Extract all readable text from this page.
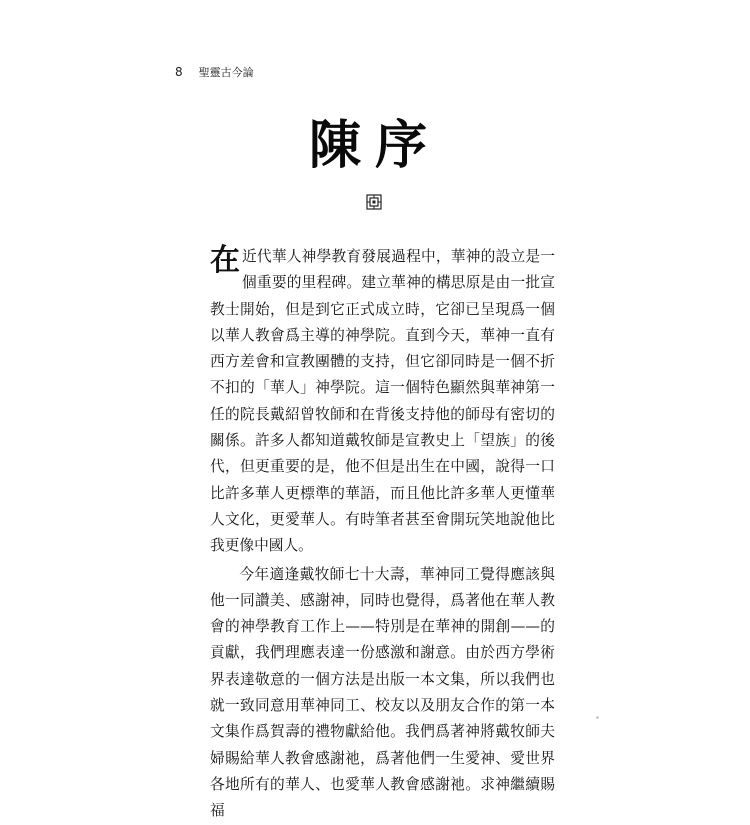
8 聖靈古今論
陳序

在近代華人神學教育發展過程中，華神的設立是一個重要的里程碑。建立華神的構思原是由一批宣教士開始，但是到它正式成立時，它卻已呈現爲一個以華人教會爲主導的神學院。直到今天，華神一直有西方差會和宣教團體的支持，但它卻同時是一個不折不扣的「華人」神學院。這一個特色顯然與華神第一任的院長戴紹曾牧師和在背後支持他的師母有密切的關係。許多人都知道戴牧師是宣教史上「望族」的後代，但更重要的是，他不但是出生在中國，說得一口比許多華人更標準的華語，而且他比許多華人更懂華人文化，更愛華人。有時筆者甚至會開玩笑地說他比我更像中國人。

今年適逢戴牧師七十大壽，華神同工覺得應該與他一同讚美、感謝神，同時也覺得，爲著他在華人教會的神學教育工作上——特別是在華神的開創——的貢獻，我們理應表達一份感激和謝意。由於西方學術界表達敬意的一個方法是出版一本文集，所以我們也就一致同意用華神同工、校友以及朋友合作的第一本文集作爲賀壽的禮物獻給他。我們爲著神將戴牧師夫婦賜給華人教會感謝祂，爲著他們一生愛神、愛世界各地所有的華人、也愛華人教會感謝祂。求神繼續賜福
